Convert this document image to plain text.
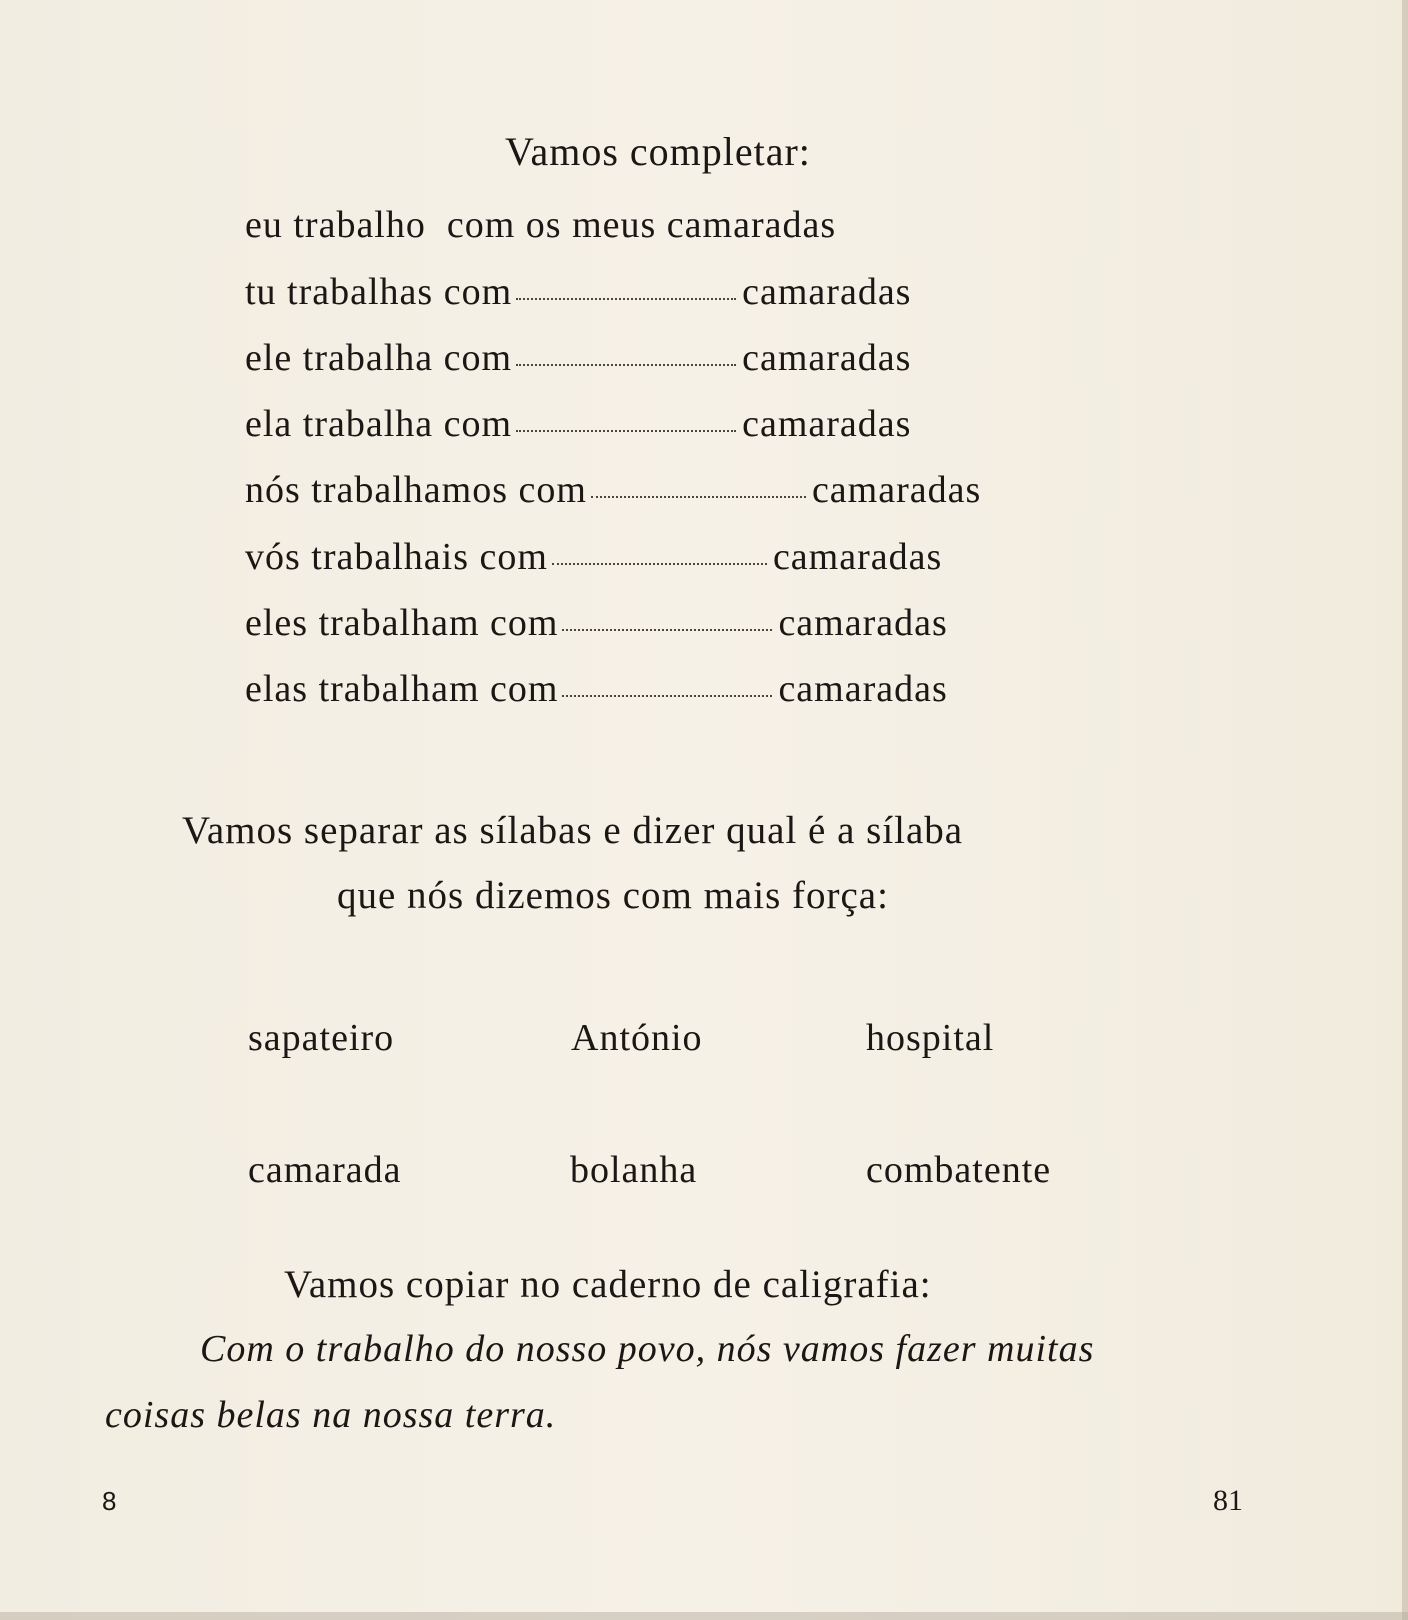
Vamos completar:
eu trabalho  com os meus camaradas
tu trabalhas com	camaradas
ele trabalha com	camaradas
ela trabalha com	camaradas
nós trabalhamos com	camaradas
vós trabalhais com	camaradas
eles trabalham com	camaradas
elas trabalham com	camaradas
Vamos separar as sílabas e dizer qual é a sílaba
que nós dizemos com mais força:
sapateiro	António	hospital
camarada	bolanha	combatente
Vamos copiar no caderno de caligrafia:
Com o trabalho do nosso povo, nós vamos fazer muitas
coisas belas na nossa terra.
8	81
